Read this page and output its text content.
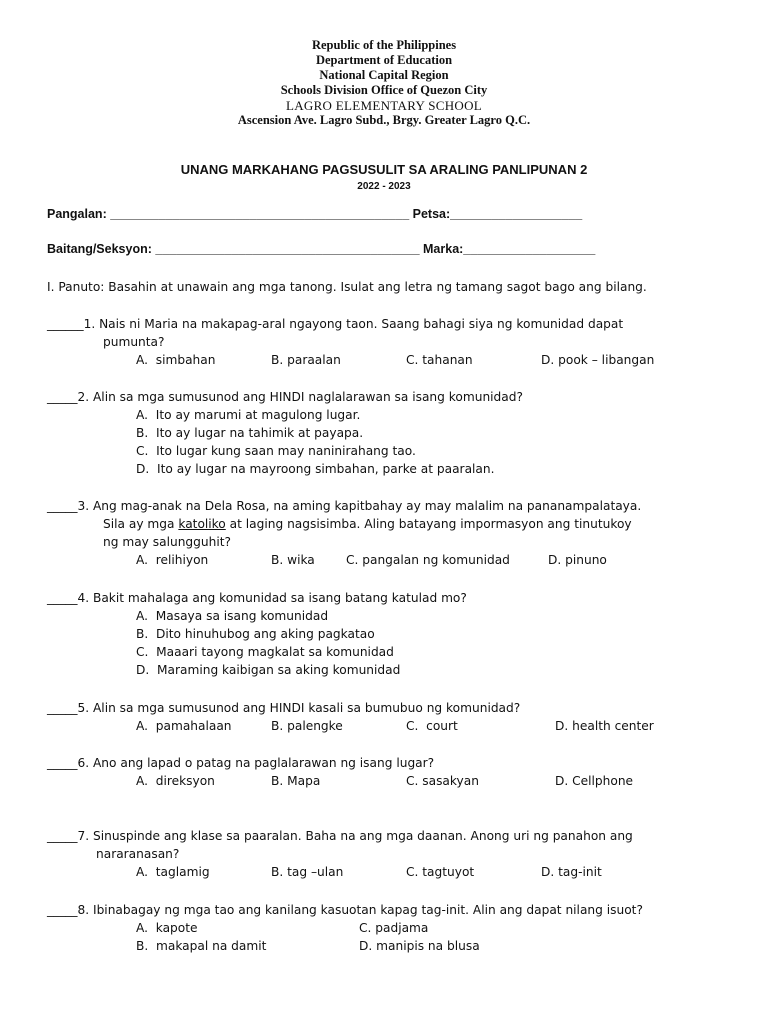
Republic of the Philippines
Department of Education
National Capital Region
Schools Division Office of Quezon City
LAGRO ELEMENTARY SCHOOL
Ascension Ave. Lagro Subd., Brgy. Greater Lagro Q.C.
UNANG MARKAHANG PAGSUSULIT SA ARALING PANLIPUNAN 2
2022 - 2023
Pangalan: ___________________________________________ Petsa:___________________
Baitang/Seksyon: ______________________________________ Marka:___________________
I. Panuto: Basahin at unawain ang mga tanong. Isulat ang letra ng tamang sagot bago ang bilang.
______1. Nais ni Maria na makapag-aral ngayong taon. Saang bahagi siya ng komunidad dapat
pumunta?
A.  simbahan	B. paraalan	C. tahanan	D. pook – libangan
_____2. Alin sa mga sumusunod ang HINDI naglalarawan sa isang komunidad?
A.  Ito ay marumi at magulong lugar.
B.  Ito ay lugar na tahimik at payapa.
C.  Ito lugar kung saan may naninirahang tao.
D.  Ito ay lugar na mayroong simbahan, parke at paaralan.
_____3. Ang mag-anak na Dela Rosa, na aming kapitbahay ay may malalim na pananampalataya.
Sila ay mga katoliko at laging nagsisimba. Aling batayang impormasyon ang tinutukoy
ng may salungguhit?
A.  relihiyon	B. wika	C. pangalan ng komunidad	D. pinuno
_____4. Bakit mahalaga ang komunidad sa isang batang katulad mo?
A.  Masaya sa isang komunidad
B.  Dito hinuhubog ang aking pagkatao
C.  Maaari tayong magkalat sa komunidad
D.  Maraming kaibigan sa aking komunidad
_____5. Alin sa mga sumusunod ang HINDI kasali sa bumubuo ng komunidad?
A.  pamahalaan	B. palengke	C.  court	D. health center
_____6. Ano ang lapad o patag na paglalarawan ng isang lugar?
A.  direksyon	B. Mapa	C. sasakyan	D. Cellphone
_____7. Sinuspinde ang klase sa paaralan. Baha na ang mga daanan. Anong uri ng panahon ang
nararanasan?
A.  taglamig	B. tag –ulan	C. tagtuyot	D. tag-init
_____8. Ibinabagay ng mga tao ang kanilang kasuotan kapag tag-init. Alin ang dapat nilang isuot?
A.  kapote	C. padjama
B.  makapal na damit	D. manipis na blusa
